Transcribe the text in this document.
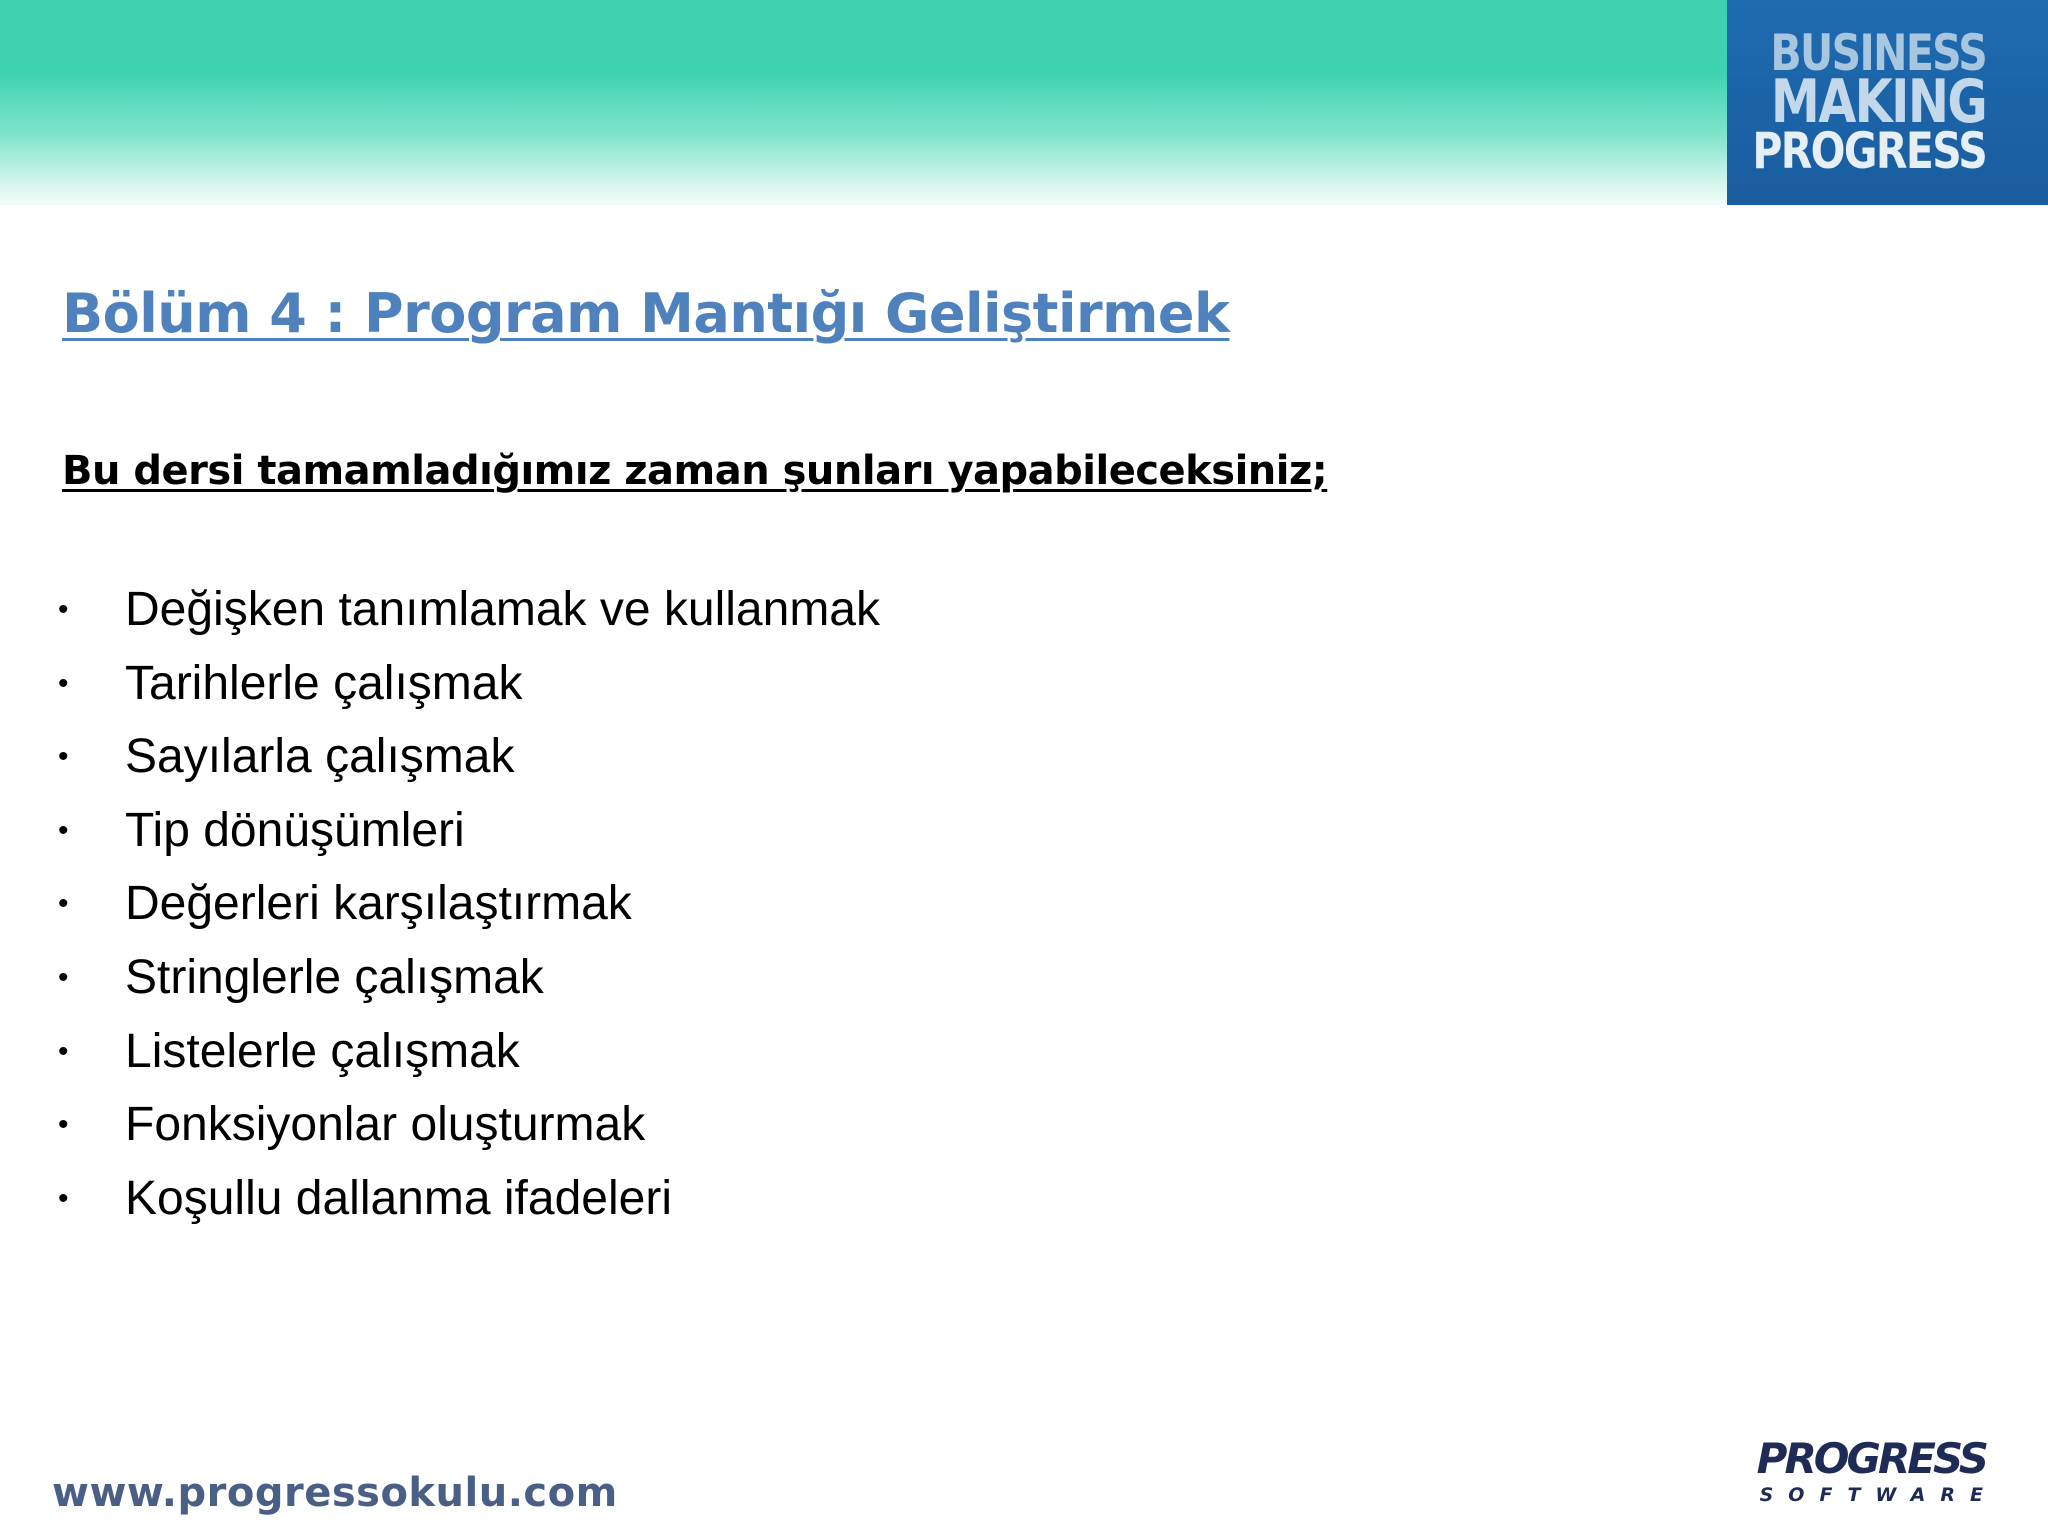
BUSINESS
MAKING
PROGRESS
Bölüm 4 : Program Mantığı Geliştirmek
Bu dersi tamamladığımız zaman şunları yapabileceksiniz;
• Değişken tanımlamak ve kullanmak
• Tarihlerle çalışmak
• Sayılarla çalışmak
• Tip dönüşümleri
• Değerleri karşılaştırmak
• Stringlerle çalışmak
• Listelerle çalışmak
• Fonksiyonlar oluşturmak
• Koşullu dallanma ifadeleri
www.progressokulu.com
PROGRESS
SOFTWARE
